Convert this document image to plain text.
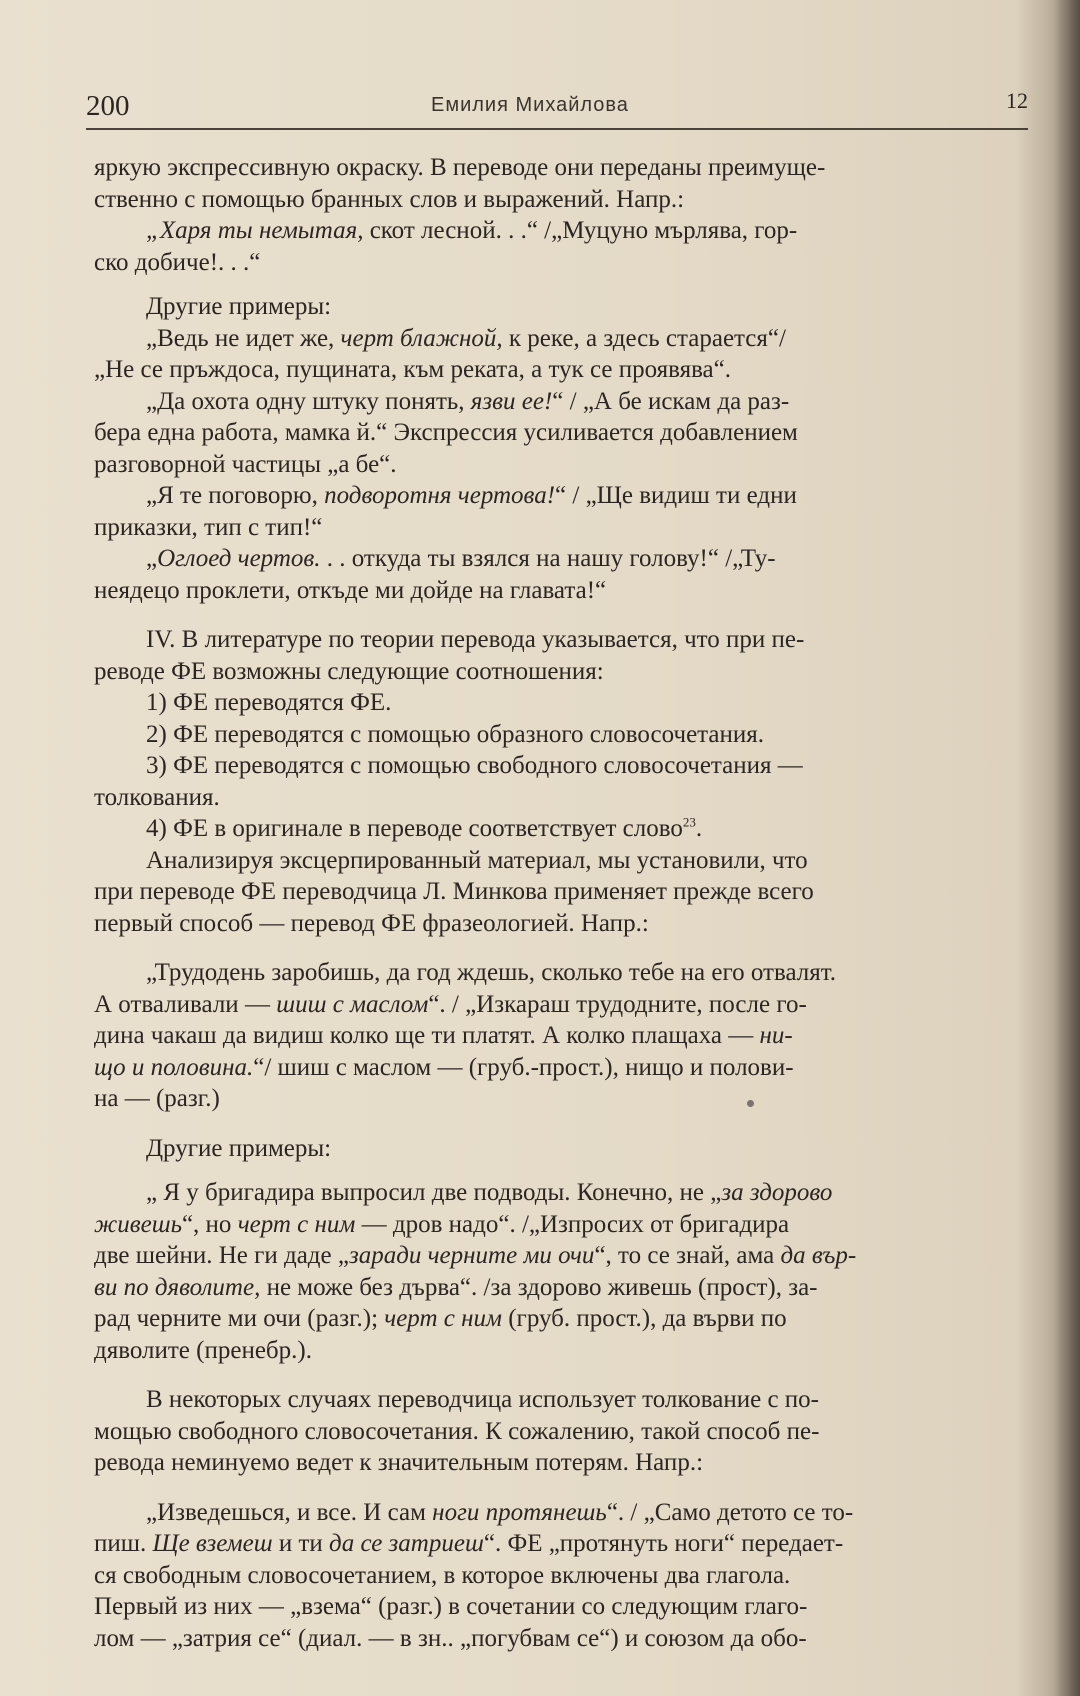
200	Емилия Михайлова	12
яркую экспрессивную окраску. В переводе они переданы преимуще-
ственно с помощью бранных слов и выражений. Напр.:
„Харя ты немытая, скот лесной. . .“ /„Муцуно мърлява, гор-
ско добиче!. . .“
Другие примеры:
„Ведь не идет же, черт блажной, к реке, а здесь старается“/
„Не се пръждоса, пущината, към реката, а тук се проявява“.
„Да охота одну штуку понять, язви ее!“ / „А бе искам да раз-
бера една работа, мамка й.“ Экспрессия усиливается добавлением
разговорной частицы „а бе“.
„Я те поговорю, подворотня чертова!“ / „Ще видиш ти едни
приказки, тип с тип!“
„Оглоед чертов. . . откуда ты взялся на нашу голову!“ /„Ту-
неядецо проклети, откъде ми дойде на главата!“
IV. В литературе по теории перевода указывается, что при пе-
реводе ФЕ возможны следующие соотношения:
1) ФЕ переводятся ФЕ.
2) ФЕ переводятся с помощью образного словосочетания.
3) ФЕ переводятся с помощью свободного словосочетания —
толкования.
4) ФЕ в оригинале в переводе соответствует слово$^{23}$.
Анализируя эксцерпированный материал, мы установили, что
при переводе ФЕ переводчица Л. Минкова применяет прежде всего
первый способ — перевод ФЕ фразеологией. Напр.:
„Трудодень заробишь, да год ждешь, сколько тебе на его отвалят.
А отваливали — шиш с маслом“. / „Изкараш трудодните, после го-
дина чакаш да видиш колко ще ти платят. А колко плащаха — ни-
що и половина.“/ шиш с маслом — (груб.-прост.), нищо и полови-
на — (разг.)
Другие примеры:
„ Я у бригадира выпросил две подводы. Конечно, не „за здорово
живешь“, но черт с ним — дров надо“. /„Изпросих от бригадира
две шейни. Не ги даде „заради черните ми очи“, то се знай, ама да вър-
ви по дяволите, не може без дърва“. /за здорово живешь (прост), за-
рад черните ми очи (разг.); черт с ним (груб. прост.), да върви по
дяволите (пренебр.).
В некоторых случаях переводчица использует толкование с по-
мощью свободного словосочетания. К сожалению, такой способ пе-
ревода неминуемо ведет к значительным потерям. Напр.:
„Изведешься, и все. И сам ноги протянешь“. / „Само детото се то-
пиш. Ще вземеш и ти да се затриеш“. ФЕ „протянуть ноги“ передает-
ся свободным словосочетанием, в которое включены два глагола.
Первый из них — „взема“ (разг.) в сочетании со следующим глаго-
лом — „затрия се“ (диал. — в зн.. „погубвам се“) и союзом да обо-
